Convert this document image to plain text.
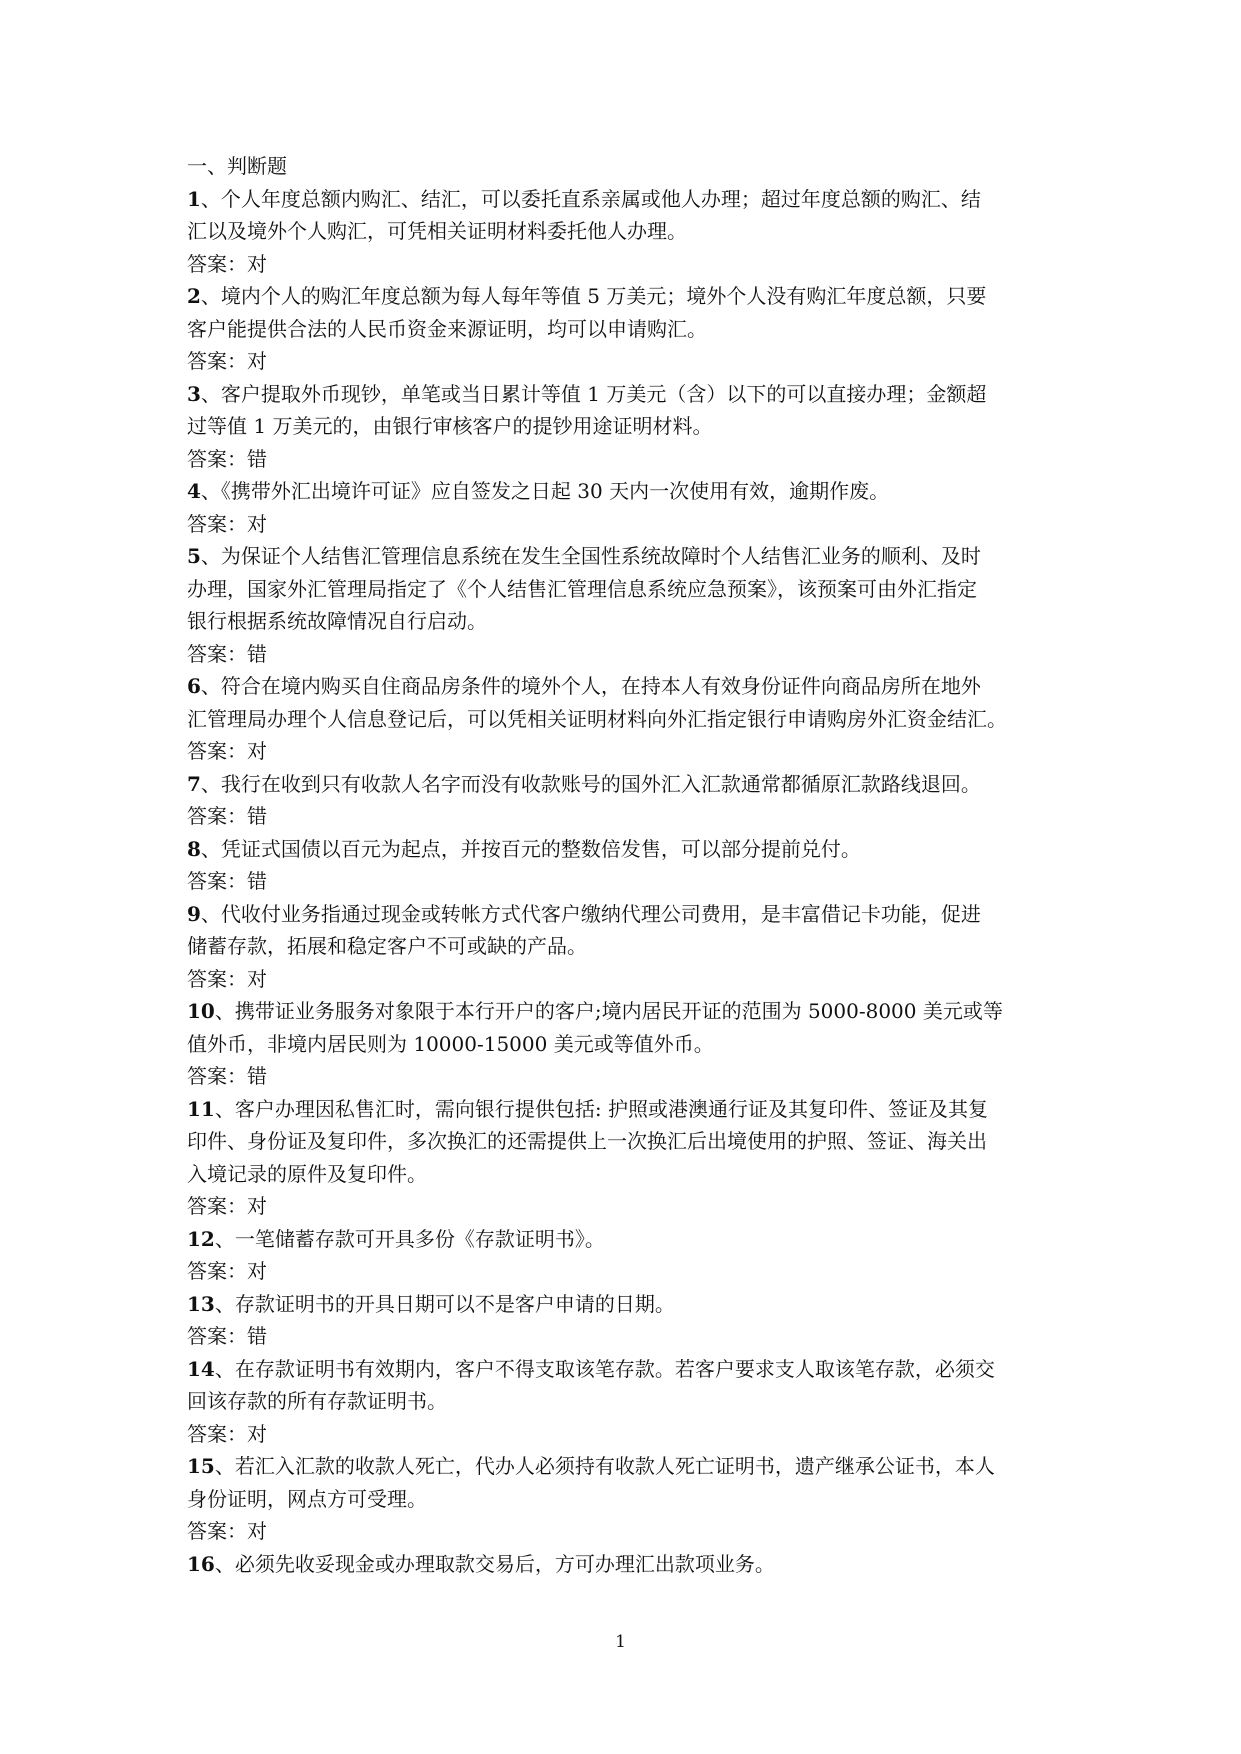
一、判断题
1、个人年度总额内购汇、结汇，可以委托直系亲属或他人办理；超过年度总额的购汇、结
汇以及境外个人购汇，可凭相关证明材料委托他人办理。
答案：对
2、境内个人的购汇年度总额为每人每年等值 5 万美元；境外个人没有购汇年度总额，只要
客户能提供合法的人民币资金来源证明，均可以申请购汇。
答案：对
3、客户提取外币现钞，单笔或当日累计等值 1 万美元（含）以下的可以直接办理；金额超
过等值 1 万美元的，由银行审核客户的提钞用途证明材料。
答案：错
4、《携带外汇出境许可证》应自签发之日起 30 天内一次使用有效，逾期作废。
答案：对
5、为保证个人结售汇管理信息系统在发生全国性系统故障时个人结售汇业务的顺利、及时
办理，国家外汇管理局指定了《个人结售汇管理信息系统应急预案》，该预案可由外汇指定
银行根据系统故障情况自行启动。
答案：错
6、符合在境内购买自住商品房条件的境外个人，在持本人有效身份证件向商品房所在地外
汇管理局办理个人信息登记后，可以凭相关证明材料向外汇指定银行申请购房外汇资金结汇。
答案：对
7、我行在收到只有收款人名字而没有收款账号的国外汇入汇款通常都循原汇款路线退回。
答案：错
8、凭证式国债以百元为起点，并按百元的整数倍发售，可以部分提前兑付。
答案：错
9、代收付业务指通过现金或转帐方式代客户缴纳代理公司费用，是丰富借记卡功能，促进
储蓄存款，拓展和稳定客户不可或缺的产品。
答案：对
10、携带证业务服务对象限于本行开户的客户;境内居民开证的范围为 5000-8000 美元或等
值外币，非境内居民则为 10000-15000 美元或等值外币。
答案：错
11、客户办理因私售汇时，需向银行提供包括: 护照或港澳通行证及其复印件、签证及其复
印件、身份证及复印件，多次换汇的还需提供上一次换汇后出境使用的护照、签证、海关出
入境记录的原件及复印件。
答案：对
12、一笔储蓄存款可开具多份《存款证明书》。
答案：对
13、存款证明书的开具日期可以不是客户申请的日期。
答案：错
14、在存款证明书有效期内，客户不得支取该笔存款。若客户要求支人取该笔存款，必须交
回该存款的所有存款证明书。
答案：对
15、若汇入汇款的收款人死亡，代办人必须持有收款人死亡证明书，遗产继承公证书，本人
身份证明，网点方可受理。
答案：对
16、必须先收妥现金或办理取款交易后，方可办理汇出款项业务。
1
